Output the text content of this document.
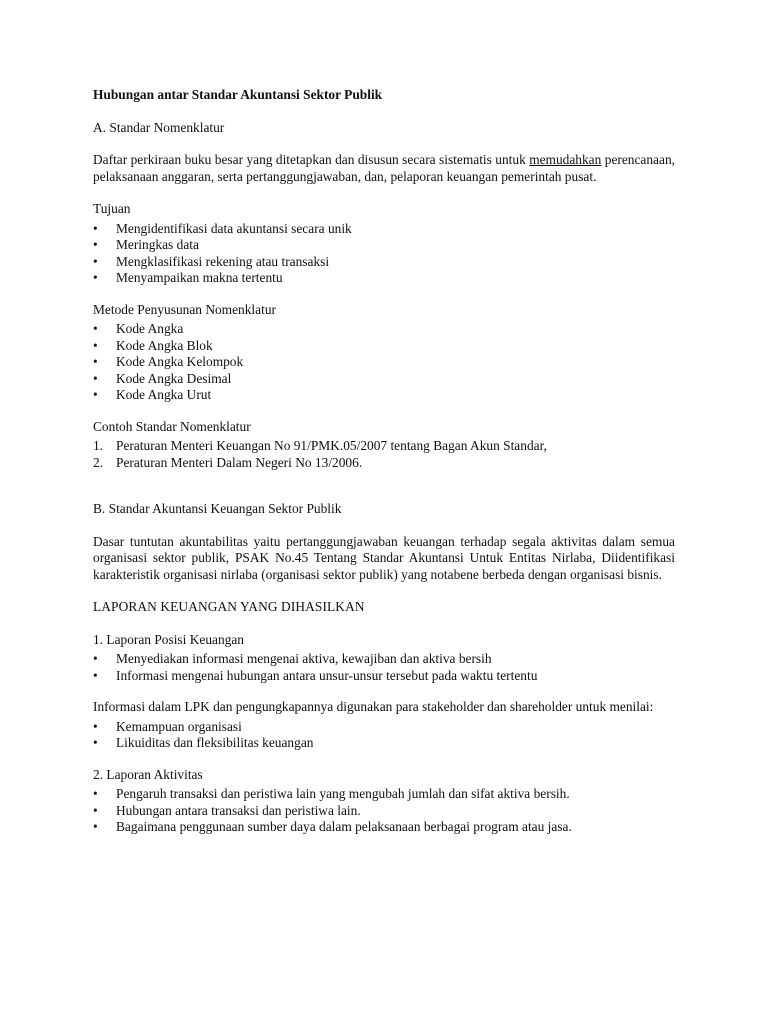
Hubungan antar Standar Akuntansi Sektor Publik

A. Standar Nomenklatur

Daftar perkiraan buku besar yang ditetapkan dan disusun secara sistematis untuk memudahkan perencanaan, pelaksanaan anggaran, serta pertanggungjawaban, dan, pelaporan keuangan pemerintah pusat.

Tujuan

• Mengidentifikasi data akuntansi secara unik
• Meringkas data
• Mengklasifikasi rekening atau transaksi
• Menyampaikan makna tertentu

Metode Penyusunan Nomenklatur

• Kode Angka
• Kode Angka Blok
• Kode Angka Kelompok
• Kode Angka Desimal
• Kode Angka Urut

Contoh Standar Nomenklatur

1. Peraturan Menteri Keuangan No 91/PMK.05/2007 tentang Bagan Akun Standar,
2. Peraturan Menteri Dalam Negeri No 13/2006.

B. Standar Akuntansi Keuangan Sektor Publik

Dasar tuntutan akuntabilitas yaitu pertanggungjawaban keuangan terhadap segala aktivitas dalam semua organisasi sektor publik, PSAK No.45 Tentang Standar Akuntansi Untuk Entitas Nirlaba, Diidentifikasi karakteristik organisasi nirlaba (organisasi sektor publik) yang notabene berbeda dengan organisasi bisnis.

LAPORAN KEUANGAN YANG DIHASILKAN

1. Laporan Posisi Keuangan

• Menyediakan informasi mengenai aktiva, kewajiban dan aktiva bersih
• Informasi mengenai hubungan antara unsur-unsur tersebut pada waktu tertentu

Informasi dalam LPK dan pengungkapannya digunakan para stakeholder dan shareholder untuk menilai:

• Kemampuan organisasi
• Likuiditas dan fleksibilitas keuangan

2. Laporan Aktivitas

• Pengaruh transaksi dan peristiwa lain yang mengubah jumlah dan sifat aktiva bersih.
• Hubungan antara transaksi dan peristiwa lain.
• Bagaimana penggunaan sumber daya dalam pelaksanaan berbagai program atau jasa.
